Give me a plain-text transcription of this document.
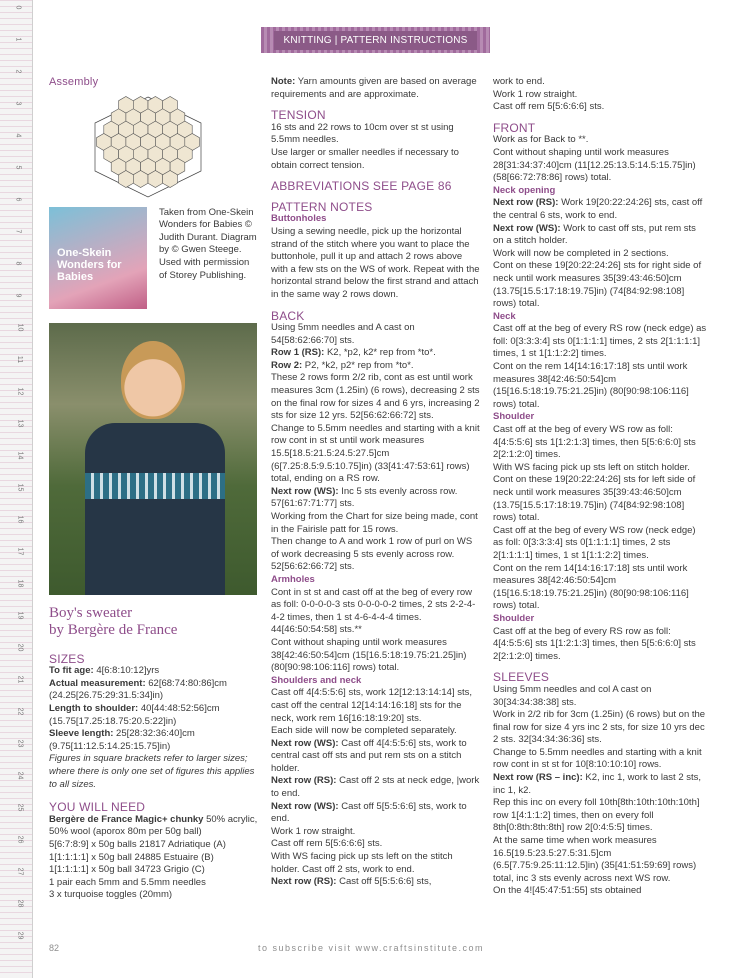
0
1
2
3
4
5
6
7
8
9
10
11
12
13
14
15
16
17
18
19
20
21
22
23
24
25
26
27
28
29
KNITTING | PATTERN INSTRUCTIONS
Assembly
One-Skein Wonders for Babies
Taken from One-Skein Wonders for Babies © Judith Durant. Diagram by © Gwen Steege. Used with permission of Storey Publishing.
Boy's sweater
by Bergère de France
SIZES

To fit age: 4[6:8:10:12]yrs

Actual measurement: 62[68:74:80:86]cm (24.25[26.75:29:31.5:34]in)

Length to shoulder: 40[44:48:52:56]cm (15.75[17.25:18.75:20.5:22]in)

Sleeve length: 25[28:32:36:40]cm (9.75[11:12.5:14.25:15.75]in)

Figures in square brackets refer to larger sizes; where there is only one set of figures this applies to all sizes.

YOU WILL NEED

Bergère de France Magic+ chunky 50% acrylic, 50% wool (aporox 80m per 50g ball)

5[6:7:8:9] x 50g balls 21817 Adriatique (A)

1[1:1:1:1] x 50g ball 24885 Estuaire (B)

1[1:1:1:1] x 50g ball 34723 Grigio (C)

1 pair each 5mm and 5.5mm needles

3 x turquoise toggles (20mm)

Note: Yarn amounts given are based on average requirements and are approximate.

TENSION

16 sts and 22 rows to 10cm over st st using 5.5mm needles.

Use larger or smaller needles if necessary to obtain correct tension.

ABBREVIATIONS SEE PAGE 86
PATTERN NOTES
Buttonholes

Using a sewing needle, pick up the horizontal strand of the stitch where you want to place the buttonhole, pull it up and attach 2 rows above with a few sts on the WS of work. Repeat with the horizontal strand below the first strand and attach in the same way 2 rows down.

BACK

Using 5mm needles and A cast on 54[58:62:66:70] sts.

Row 1 (RS): K2, *p2, k2* rep from *to*.

Row 2: P2, *k2, p2* rep from *to*.

These 2 rows form 2/2 rib, cont as est until work measures 3cm (1.25in) (6 rows), decreasing 2 sts on the final row for sizes 4 and 6 yrs, increasing 2 sts for size 12 yrs. 52[56:62:66:72] sts.

Change to 5.5mm needles and starting with a knit row cont in st st until work measures 15.5[18.5:21.5:24.5:27.5]cm (6[7.25:8.5:9.5:10.75]in) (33[41:47:53:61] rows) total, ending on a RS row.

Next row (WS): Inc 5 sts evenly across row. 57[61:67:71:77] sts.

Working from the Chart for size being made, cont in the Fairisle patt for 15 rows.

Then change to A and work 1 row of purl on WS of work decreasing 5 sts evenly across row. 52[56:62:66:72] sts.

Armholes

Cont in st st and cast off at the beg of every row as foll: 0-0-0-0-3 sts 0-0-0-0-2 times, 2 sts 2-2-4-4-2 times, then 1 st 4-6-4-4-4 times. 44[46:50:54:58] sts.**

Cont without shaping until work measures 38[42:46:50:54]cm (15[16.5:18:19.75:21.25]in) (80[90:98:106:116] rows) total.

Shoulders and neck

Cast off 4[4:5:5:6] sts, work 12[12:13:14:14] sts, cast off the central 12[14:14:16:18] sts for the neck, work rem 16[16:18:19:20] sts.

Each side will now be completed separately.

Next row (WS): Cast off 4[4:5:5:6] sts, work to central cast off sts and put rem sts on a stitch holder.

Next row (RS): Cast off 2 sts at neck edge, |work to end.

Next row (WS): Cast off 5[5:5:6:6] sts, work to end.

Work 1 row straight.

Cast off rem 5[5:6:6:6] sts.

With WS facing pick up sts left on the stitch holder. Cast off 2 sts, work to end.

Next row (RS): Cast off 5[5:5:6:6] sts,

work to end.

Work 1 row straight.

Cast off rem 5[5:6:6:6] sts.

FRONT

Work as for Back to **.

Cont without shaping until work measures 28[31:34:37:40]cm (11[12.25:13.5:14.5:15.75]in) (58[66:72:78:86] rows) total.

Neck opening

Next row (RS): Work 19[20:22:24:26] sts, cast off the central 6 sts, work to end.

Next row (WS): Work to cast off sts, put rem sts on a stitch holder.

Work will now be completed in 2 sections.

Cont on these 19[20:22:24:26] sts for right side of neck until work measures 35[39:43:46:50]cm (13.75[15.5:17:18:19.75]in) (74[84:92:98:108] rows) total.

Neck

Cast off at the beg of every RS row (neck edge) as foll: 0[3:3:3:4] sts 0[1:1:1:1] times, 2 sts 2[1:1:1:1] times, 1 st 1[1:1:2:2] times.

Cont on the rem 14[14:16:17:18] sts until work measures 38[42:46:50:54]cm (15[16.5:18:19.75:21.25]in) (80[90:98:106:116] rows) total.

Shoulder

Cast off at the beg of every WS row as foll: 4[4:5:5:6] sts 1[1:2:1:3] times, then 5[5:6:6:0] sts 2[2:1:2:0] times.

With WS facing pick up sts left on stitch holder.

Cont on these 19[20:22:24:26] sts for left side of neck until work measures 35[39:43:46:50]cm (13.75[15.5:17:18:19.75]in) (74[84:92:98:108] rows) total.

Cast off at the beg of every WS row (neck edge) as foll: 0[3:3:3:4] sts 0[1:1:1:1] times, 2 sts 2[1:1:1:1] times, 1 st 1[1:1:2:2] times.

Cont on the rem 14[14:16:17:18] sts until work measures 38[42:46:50:54]cm (15[16.5:18:19.75:21.25]in) (80[90:98:106:116] rows) total.

Shoulder

Cast off at the beg of every RS row as foll: 4[4:5:5:6] sts 1[1:2:1:3] times, then 5[5:6:6:0] sts 2[2:1:2:0] times.

SLEEVES

Using 5mm needles and col A cast on 30[34:34:38:38] sts.

Work in 2/2 rib for 3cm (1.25in) (6 rows) but on the final row for size 4 yrs inc 2 sts, for size 10 yrs dec 2 sts. 32[34:34:36:36] sts.

Change to 5.5mm needles and starting with a knit row cont in st st for 10[8:10:10:10] rows.

Next row (RS – inc): K2, inc 1, work to last 2 sts, inc 1, k2.

Rep this inc on every foll 10th[8th:10th:10th:10th] row 1[4:1:1:2] times, then on every foll 8th[0:8th:8th:8th] row 2[0:4:5:5] times.

At the same time when work measures 16.5[19.5:23.5:27.5:31.5]cm (6.5[7.75:9.25:11:12.5]in) (35[41:51:59:69] rows) total, inc 3 sts evenly across next WS row.

On the 4![45:47:51:55] sts obtained

82	to subscribe visit www.craftsinstitute.com
